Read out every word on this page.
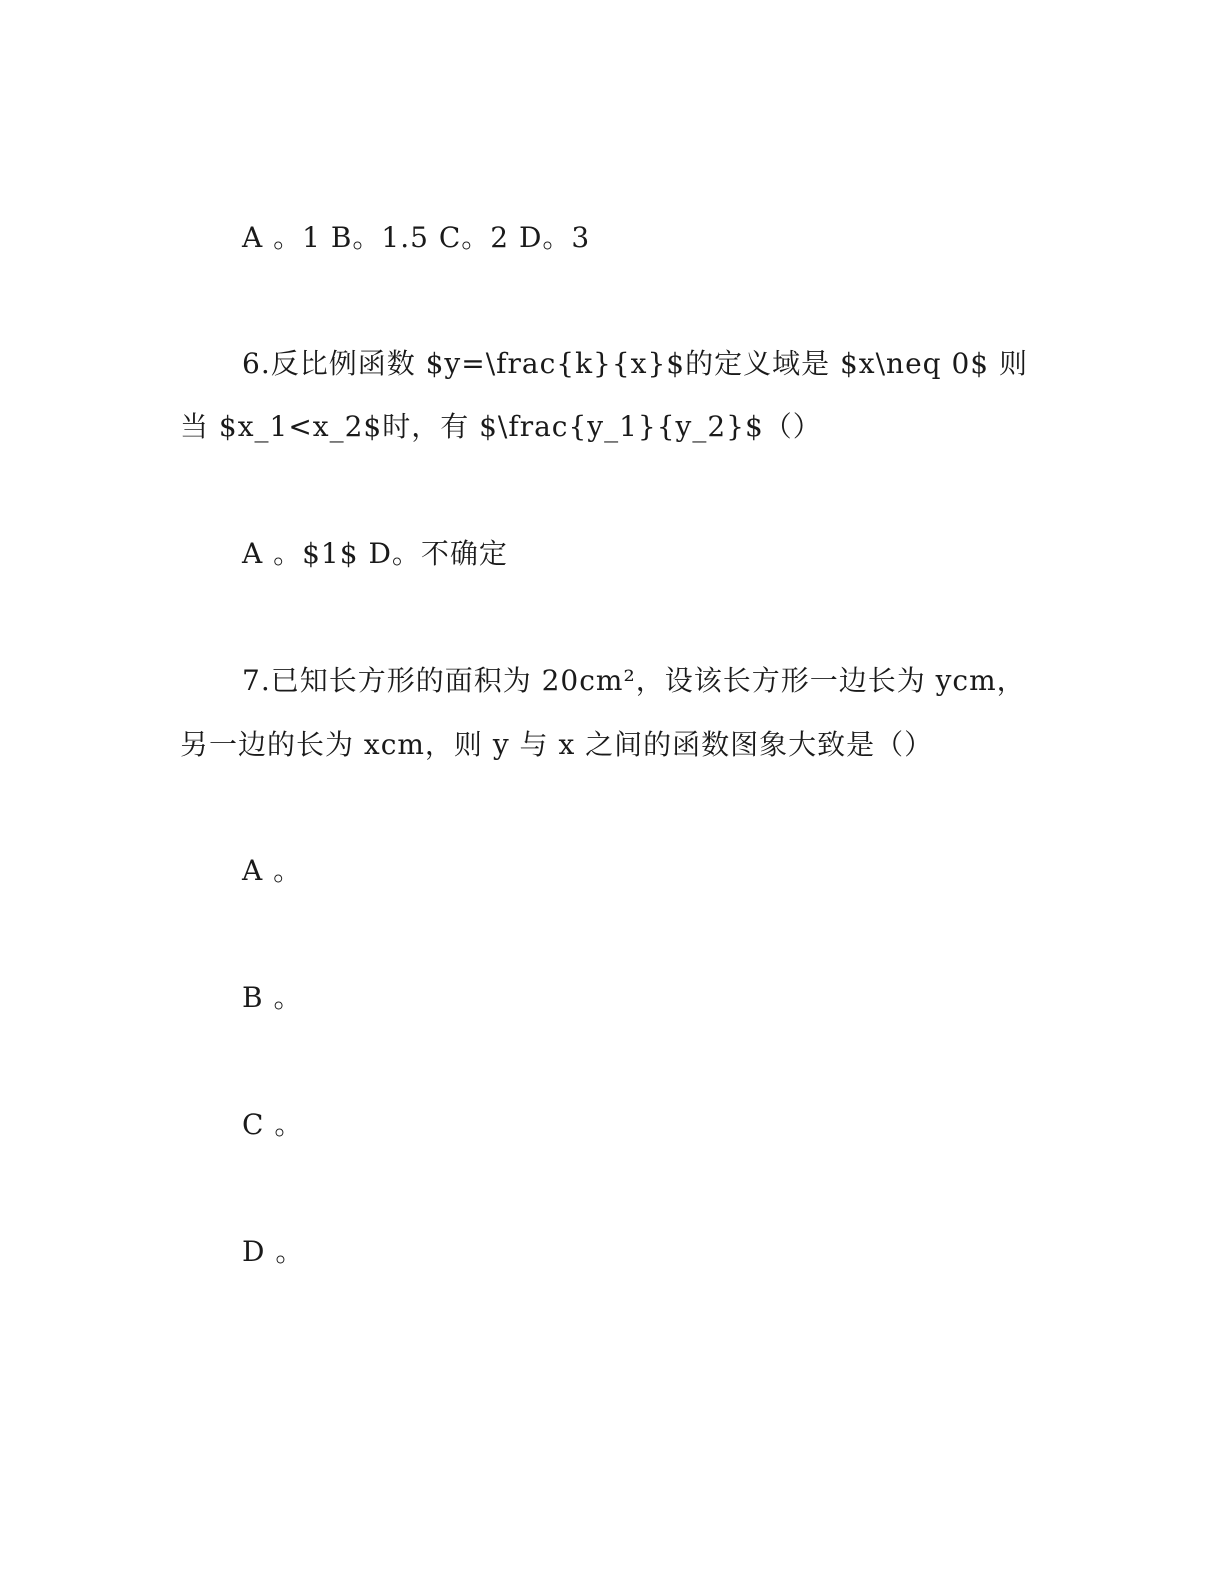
A 。1 B。1.5 C。2 D。3
6.反比例函数 $y=\frac{k}{x}$的定义域是 $x\neq 0$ 则
当 $x_1<x_2$时，有 $\frac{y_1}{y_2}$（）
A 。$1$ D。不确定
7.已知长方形的面积为 20cm²，设该长方形一边长为 ycm，
另一边的长为 xcm，则 y 与 x 之间的函数图象大致是（）
A 。
B 。
C 。
D 。
